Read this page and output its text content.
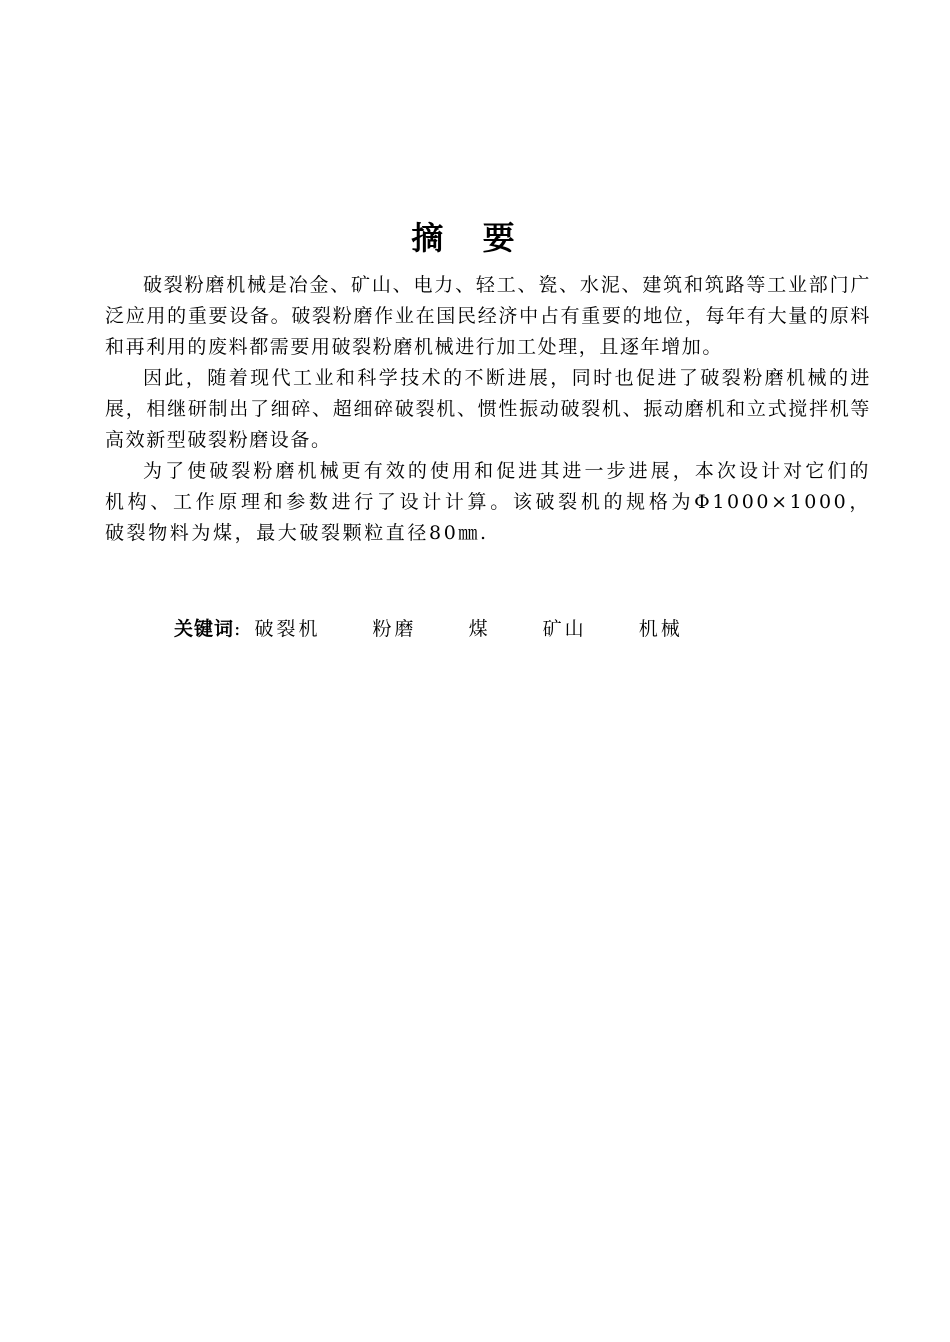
摘 要

破裂粉磨机械是冶金、矿山、电力、轻工、瓷、水泥、建筑和筑路等工业部门广泛应用的重要设备。破裂粉磨作业在国民经济中占有重要的地位，每年有大量的原料和再利用的废料都需要用破裂粉磨机械进行加工处理，且逐年增加。

因此，随着现代工业和科学技术的不断进展，同时也促进了破裂粉磨机械的进展，相继研制出了细碎、超细碎破裂机、惯性振动破裂机、振动磨机和立式搅拌机等高效新型破裂粉磨设备。

为了使破裂粉磨机械更有效的使用和促进其进一步进展，本次设计对它们的机构、工作原理和参数进行了设计计算。该破裂机的规格为Φ1000×1000， 破裂物料为煤，最大破裂颗粒直径80㎜.

关键词: 破裂机	粉磨	煤	矿山	机械
